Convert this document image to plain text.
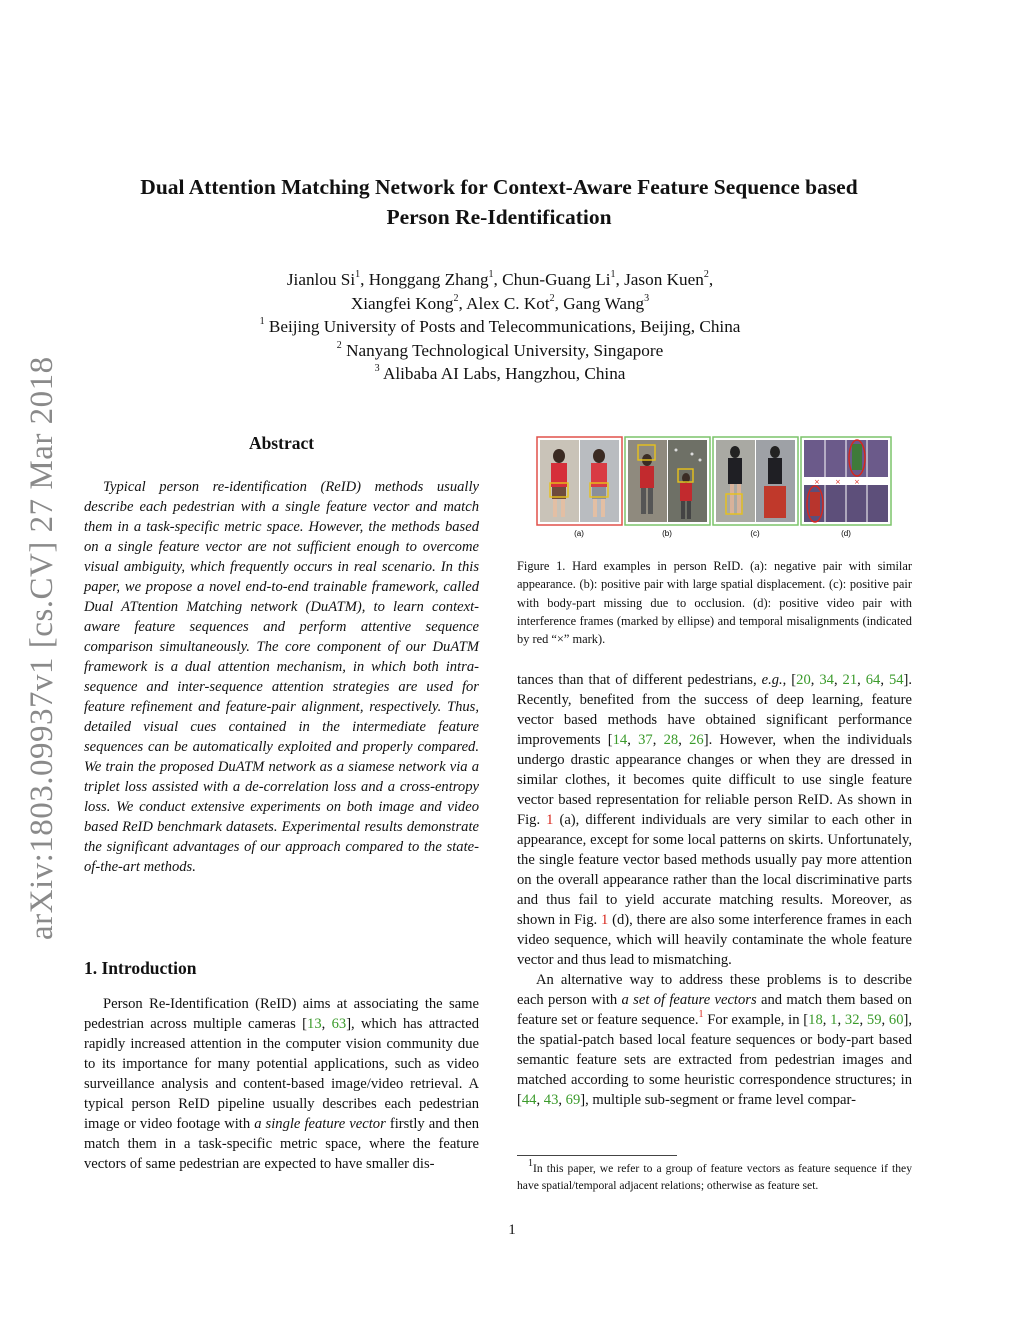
arXiv:1803.09937v1 [cs.CV] 27 Mar 2018
Dual Attention Matching Network for Context-Aware Feature Sequence based
Person Re-Identification

Jianlou Si$^1$, Honggang Zhang$^1$, Chun-Guang Li$^1$, Jason Kuen$^2$,

Xiangfei Kong$^2$, Alex C. Kot$^2$, Gang Wang$^3$

$^1$ Beijing University of Posts and Telecommunications, Beijing, China

$^2$ Nanyang Technological University, Singapore

$^3$ Alibaba AI Labs, Hangzhou, China

Abstract
Typical person re-identification (ReID) methods usually describe each pedestrian with a single feature vector and match them in a task-specific metric space. However, the methods based on a single feature vector are not sufficient enough to overcome visual ambiguity, which frequently occurs in real scenario. In this paper, we propose a novel end-to-end trainable framework, called Dual ATtention Matching network (DuATM), to learn context-aware feature sequences and perform attentive sequence comparison simultaneously. The core component of our DuATM framework is a dual attention mechanism, in which both intra-sequence and inter-sequence attention strategies are used for feature refinement and feature-pair alignment, respectively. Thus, detailed visual cues contained in the intermediate feature sequences can be automatically exploited and properly compared. We train the proposed DuATM network as a siamese network via a triplet loss assisted with a de-correlation loss and a cross-entropy loss. We conduct extensive experiments on both image and video based ReID benchmark datasets. Experimental results demonstrate the significant advantages of our approach compared to the state-of-the-art methods.
1. Introduction
Person Re-Identification (ReID) aims at associating the same pedestrian across multiple cameras [13, 63], which has attracted rapidly increased attention in the computer vision community due to its importance for many potential applications, such as video surveillance analysis and content-based image/video retrieval. A typical person ReID pipeline usually describes each pedestrian image or video footage with a single feature vector firstly and then match them in a task-specific metric space, where the feature vectors of same pedestrian are expected to have smaller dis-
× × ×
(a)	(b)	(c)	(d)
Figure 1. Hard examples in person ReID. (a): negative pair with similar appearance. (b): positive pair with large spatial displacement. (c): positive pair with body-part missing due to occlusion. (d): positive video pair with interference frames (marked by ellipse) and temporal misalignments (indicated by red “×” mark).

tances than that of different pedestrians, e.g., [20, 34, 21, 64, 54]. Recently, benefited from the success of deep learning, feature vector based methods have obtained significant performance improvements [14, 37, 28, 26]. However, when the individuals undergo drastic appearance changes or when they are dressed in similar clothes, it becomes quite difficult to use single feature vector based representation for reliable person ReID. As shown in Fig. 1 (a), different individuals are very similar to each other in appearance, except for some local patterns on skirts. Unfortunately, the single feature vector based methods usually pay more attention on the overall appearance rather than the local discriminative parts and thus fail to yield accurate matching results. Moreover, as shown in Fig. 1 (d), there are also some interference frames in each video sequence, which will heavily contaminate the whole feature vector and thus lead to mismatching.

An alternative way to address these problems is to describe each person with a set of feature vectors and match them based on feature set or feature sequence.$^1$ For example, in [18, 1, 32, 59, 60], the spatial-patch based local feature sequences or body-part based semantic feature sets are extracted from pedestrian images and matched according to some heuristic correspondence structures; in [44, 43, 69], multiple sub-segment or frame level compar-

$^1$In this paper, we refer to a group of feature vectors as feature sequence if they have spatial/temporal adjacent relations; otherwise as feature set.
1
